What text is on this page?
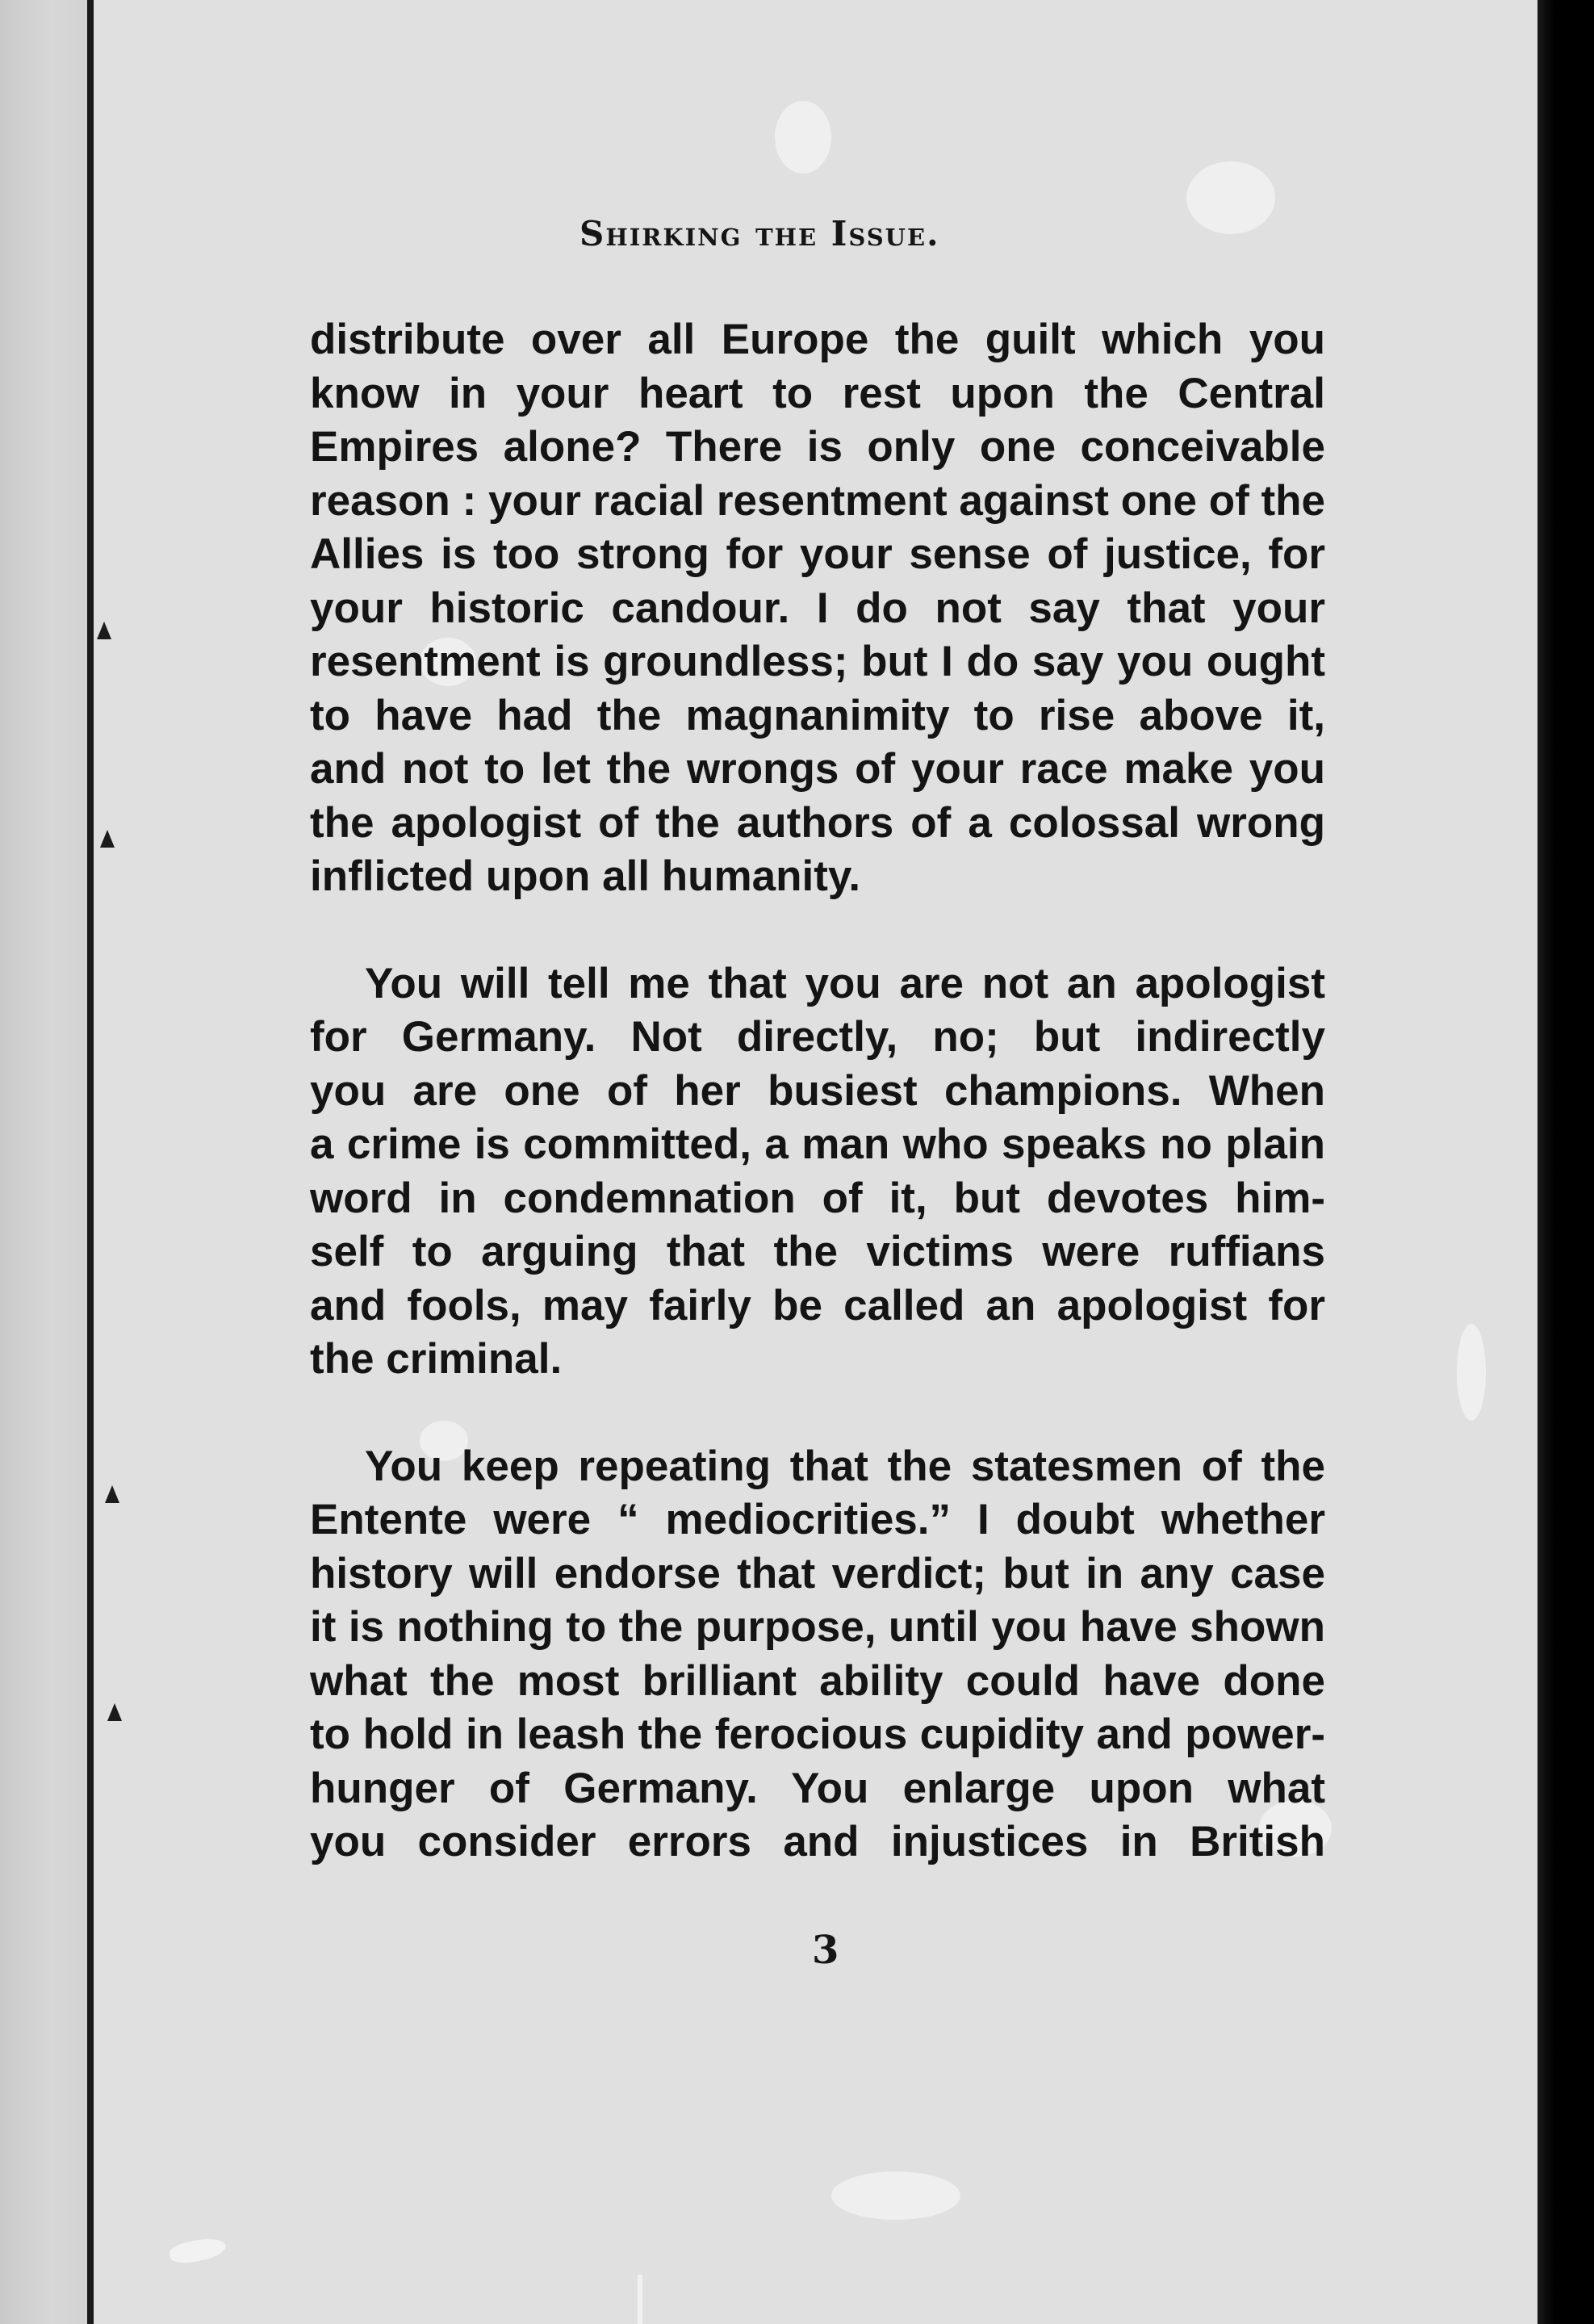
Shirking the Issue.
distribute over all Europe the guilt which you
know in your heart to rest upon the Central
Empires alone? There is only one conceivable
reason : your racial resentment against one of the
Allies is too strong for your sense of justice, for
your historic candour. I do not say that your
resentment is groundless; but I do say you ought
to have had the magnanimity to rise above it,
and not to let the wrongs of your race make you
the apologist of the authors of a colossal wrong
inflicted upon all humanity.
You will tell me that you are not an apologist
for Germany. Not directly, no; but indirectly
you are one of her busiest champions. When
a crime is committed, a man who speaks no plain
word in condemnation of it, but devotes him-
self to arguing that the victims were ruffians
and fools, may fairly be called an apologist for
the criminal.
You keep repeating that the statesmen of the
Entente were “ mediocrities.” I doubt whether
history will endorse that verdict; but in any case
it is nothing to the purpose, until you have shown
what the most brilliant ability could have done
to hold in leash the ferocious cupidity and power-
hunger of Germany. You enlarge upon what
you consider errors and injustices in British
3
